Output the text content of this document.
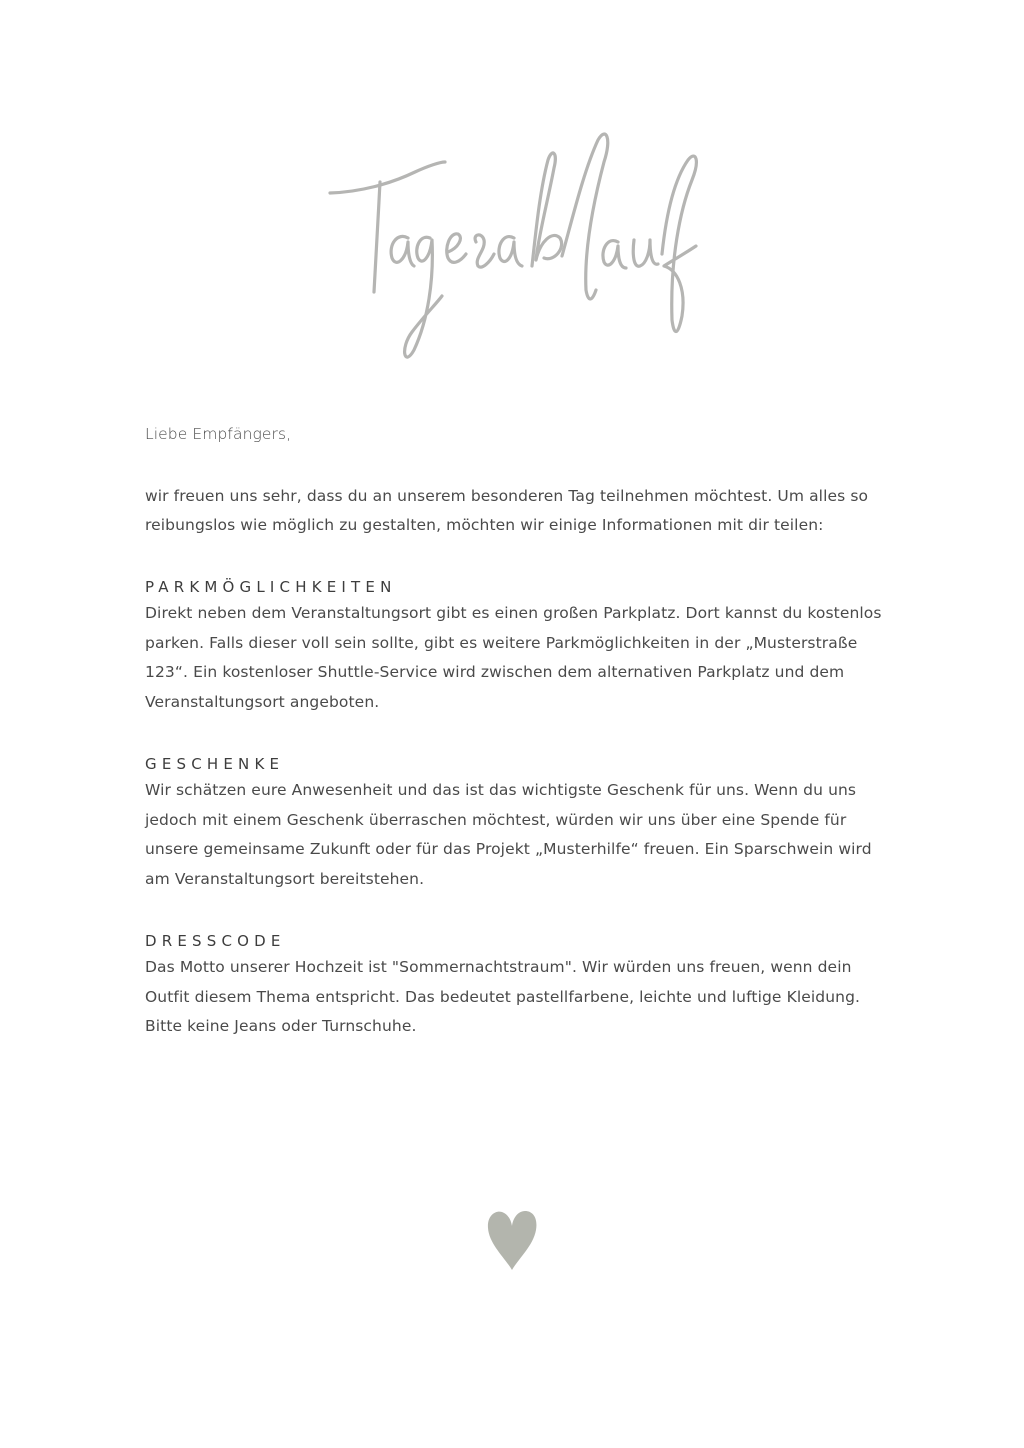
Liebe Empfängers,

wir freuen uns sehr, dass du an unserem besonderen Tag teilnehmen möchtest. Um alles so reibungslos wie möglich zu gestalten, möchten wir einige Informationen mit dir teilen:

PARKMÖGLICHKEITEN

Direkt neben dem Veranstaltungsort gibt es einen großen Parkplatz. Dort kannst du kostenlos parken. Falls dieser voll sein sollte, gibt es weitere Parkmöglichkeiten in der „Musterstraße 123“. Ein kostenloser Shuttle-Service wird zwischen dem alternativen Parkplatz und dem Veranstaltungsort angeboten.

GESCHENKE

Wir schätzen eure Anwesenheit und das ist das wichtigste Geschenk für uns. Wenn du uns jedoch mit einem Geschenk überraschen möchtest, würden wir uns über eine Spende für unsere gemeinsame Zukunft oder für das Projekt „Musterhilfe“ freuen. Ein Sparschwein wird am Veranstaltungsort bereitstehen.

DRESSCODE

Das Motto unserer Hochzeit ist "Sommernachtstraum". Wir würden uns freuen, wenn dein Outfit diesem Thema entspricht. Das bedeutet pastellfarbene, leichte und luftige Kleidung. Bitte keine Jeans oder Turnschuhe.
